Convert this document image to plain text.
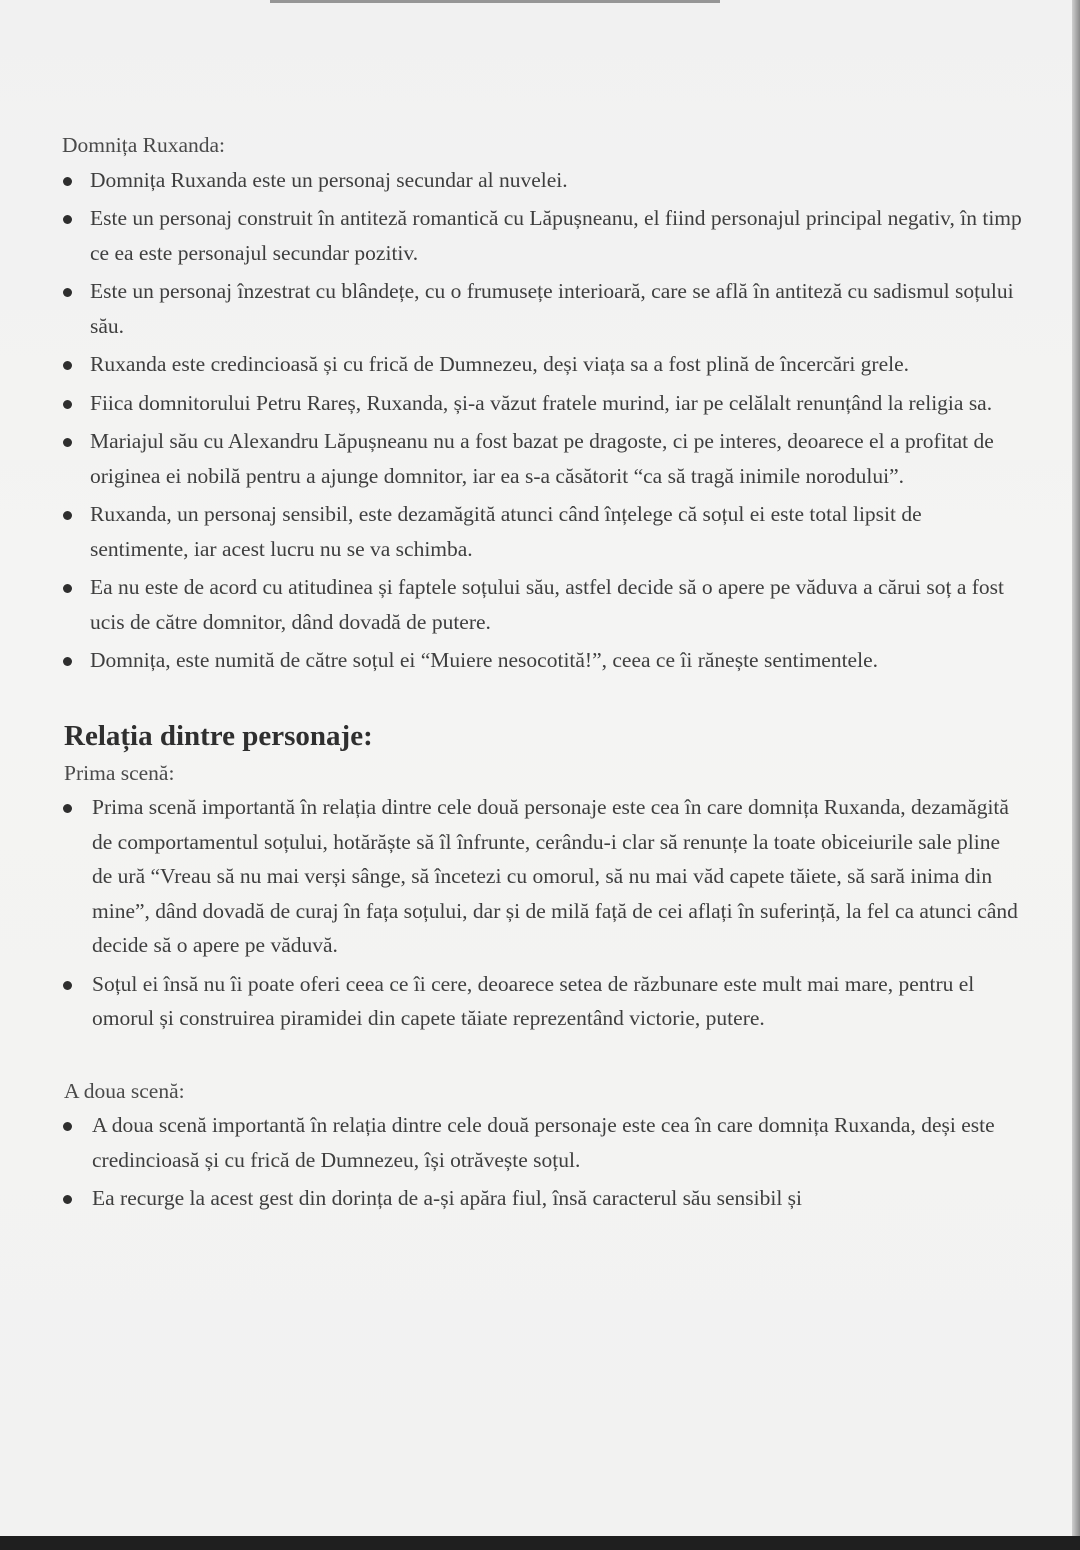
Domnița Ruxanda:

Domnița Ruxanda este un personaj secundar al nuvelei.
Este un personaj construit în antiteză romantică cu Lăpușneanu, el fiind personajul principal negativ, în timp ce ea este personajul secundar pozitiv.
Este un personaj înzestrat cu blândețe, cu o frumusețe interioară, care se află în antiteză cu sadismul soțului său.
Ruxanda este credincioasă și cu frică de Dumnezeu, deși viața sa a fost plină de încercări grele.
Fiica domnitorului Petru Rareș, Ruxanda, și-a văzut fratele murind, iar pe celălalt renunțând la religia sa.
Mariajul său cu Alexandru Lăpușneanu nu a fost bazat pe dragoste, ci pe interes, deoarece el a profitat de originea ei nobilă pentru a ajunge domnitor, iar ea s-a căsătorit “ca să tragă inimile norodului”.
Ruxanda, un personaj sensibil, este dezamăgită atunci când înțelege că soțul ei este total lipsit de sentimente, iar acest lucru nu se va schimba.
Ea nu este de acord cu atitudinea și faptele soțului său, astfel decide să o apere pe văduva a cărui soț a fost ucis de către domnitor, dând dovadă de putere.
Domnița, este numită de către soțul ei “Muiere nesocotită!”, ceea ce îi rănește sentimentele.
Relația dintre personaje:

Prima scenă:

Prima scenă importantă în relația dintre cele două personaje este cea în care domnița Ruxanda, dezamăgită de comportamentul soțului, hotărăște să îl înfrunte, cerându-i clar să renunțe la toate obiceiurile sale pline de ură “Vreau să nu mai verși sânge, să încetezi cu omorul, să nu mai văd capete tăiete, să sară inima din mine”, dând dovadă de curaj în fața soțului, dar și de milă față de cei aflați în suferință, la fel ca atunci când decide să o apere pe văduvă.
Soțul ei însă nu îi poate oferi ceea ce îi cere, deoarece setea de răzbunare este mult mai mare, pentru el omorul și construirea piramidei din capete tăiate reprezentând victorie, putere.

A doua scenă:

A doua scenă importantă în relația dintre cele două personaje este cea în care domnița Ruxanda, deși este credincioasă și cu frică de Dumnezeu, își otrăvește soțul.
Ea recurge la acest gest din dorința de a-și apăra fiul, însă caracterul său sensibil și
